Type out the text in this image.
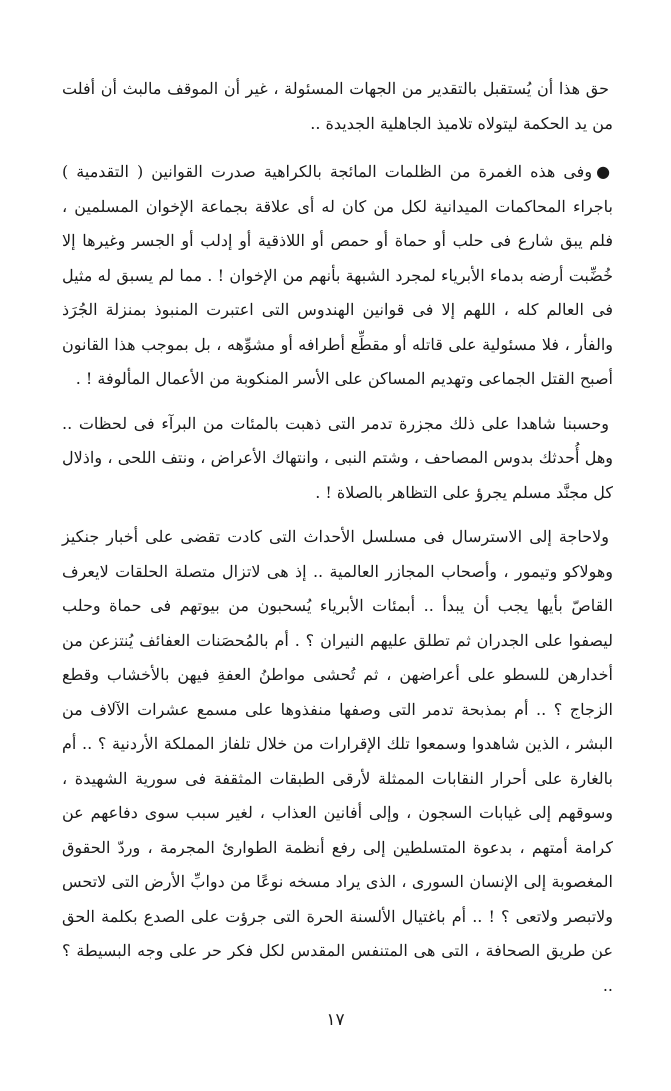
حق هذا أن يُستقبل بالتقدير من الجهات المسئولة ، غير أن الموقف مالبث أن أفلت من يد الحكمة ليتولاه تلاميذ الجاهلية الجديدة ..

●وفى هذه الغمرة من الظلمات المائجة بالكراهية صدرت القوانين ( التقدمية ) باجراء المحاكمات الميدانية لكل من كان له أى علاقة بجماعة الإخوان المسلمين ، فلم يبق شارع فى حلب أو حماة أو حمص أو اللاذقية أو إدلب أو الجسر وغيرها إلا خُضِّبت أرضه بدماء الأبرياء لمجرد الشبهة بأنهم من الإخوان ! . مما لم يسبق له مثيل فى العالم كله ، اللهم إلا فى قوانين الهندوس التى اعتبرت المنبوذ بمنزلة الجُرَذ والفأر ، فلا مسئولية على قاتله أو مقطِّع أطرافه أو مشوِّهه ، بل بموجب هذا القانون أصبح القتل الجماعى وتهديم المساكن على الأسر المنكوبة من الأعمال المألوفة ! .

وحسبنا شاهدا على ذلك مجزرة تدمر التى ذهبت بالمئات من البرآء فى لحظات .. وهل أُحدثك بدوس المصاحف ، وشتم النبى ، وانتهاك الأعراض ، ونتف اللحى ، واذلال كل مجنَّد مسلم يجرؤ على التظاهر بالصلاة ! .

ولاحاجة إلى الاسترسال فى مسلسل الأحداث التى كادت تقضى على أخبار جنكيز وهولاكو وتيمور ، وأصحاب المجازر العالمية .. إذ هى لاتزال متصلة الحلقات لايعرف القاصّ بأيها يجب أن يبدأ .. أبمئات الأبرياء يُسحبون من بيوتهم فى حماة وحلب ليصفوا على الجدران ثم تطلق عليهم النيران ؟ . أم بالمُحصَنات العفائف يُنتزعن من أخدارهن للسطو على أعراضهن ، ثم تُحشى مواطنُ العفةِ فيهن بالأخشاب وقطع الزجاج ؟ .. أم بمذبحة تدمر التى وصفها منفذوها على مسمع عشرات الآلاف من البشر ، الذين شاهدوا وسمعوا تلك الإقرارات من خلال تلفاز المملكة الأردنية ؟ .. أم بالغارة على أحرار النقابات الممثلة لأرقى الطبقات المثقفة فى سورية الشهيدة ، وسوقهم إلى غيابات السجون ، وإلى أفانين العذاب ، لغير سبب سوى دفاعهم عن كرامة أمتهم ، بدعوة المتسلطين إلى رفع أنظمة الطوارئ المجرمة ، وردّ الحقوق المغصوبة إلى الإنسان السورى ، الذى يراد مسخه نوعًا من دوابِّ الأرض التى لاتحس ولاتبصر ولاتعى ؟ ! .. أم باغتيال الألسنة الحرة التى جرؤت على الصدع بكلمة الحق عن طريق الصحافة ، التى هى المتنفس المقدس لكل فكر حر على وجه البسيطة ؟ ..

١٧
